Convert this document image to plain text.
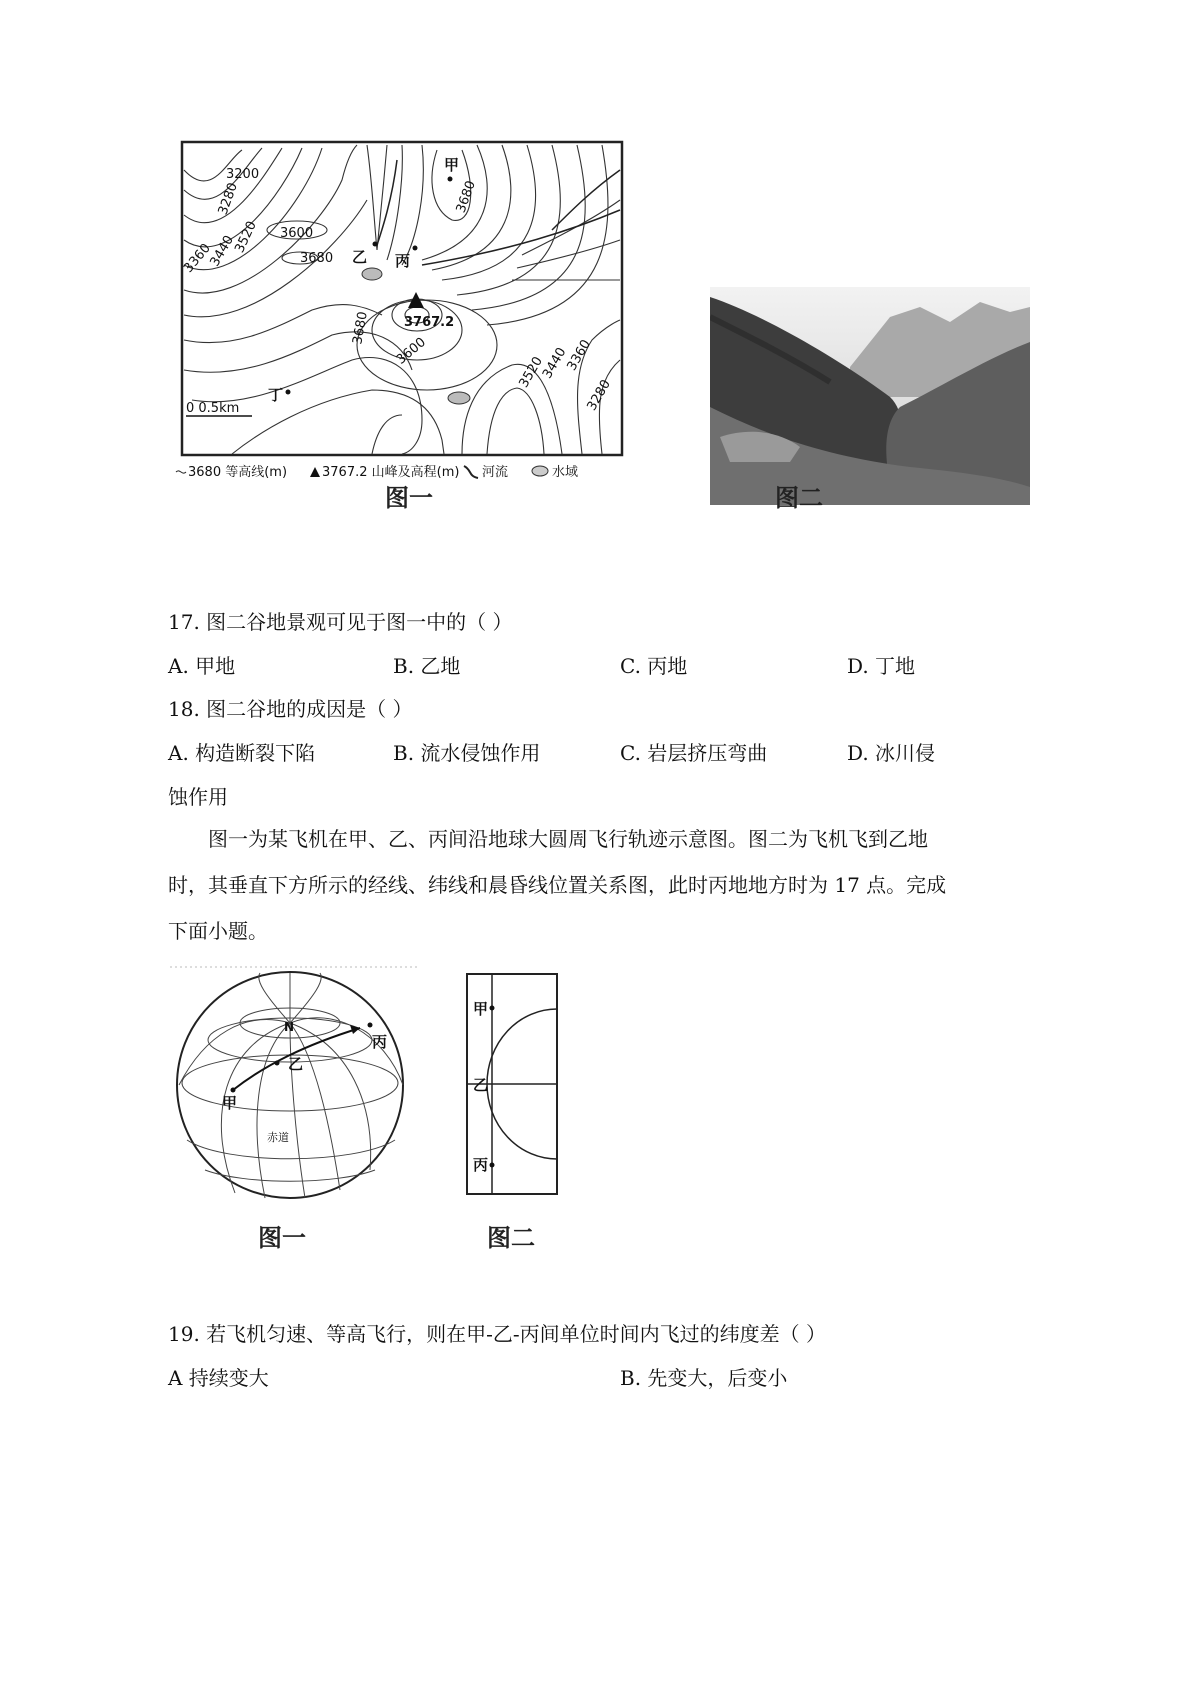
3200
3280
3360
3440
3520 3600
3680
3680
3680
3600
3520
3440
3360
3280
3767.2
甲
乙 丙
丁
0 0.5km
3680 等高线(m)	3767.2 山峰及高程(m) 河流	水域
图一	图二
17. 图二谷地景观可见于图一中的（ ）
A. 甲地	B. 乙地	C. 丙地	D. 丁地
18. 图二谷地的成因是（ ）
A. 构造断裂下陷	B. 流水侵蚀作用	C. 岩层挤压弯曲	D. 冰川侵
蚀作用
图一为某飞机在甲、乙、丙间沿地球大圆周飞行轨迹示意图。图二为飞机飞到乙地时，其垂直下方所示的经线、纬线和晨昏线位置关系图，此时丙地地方时为 17 点。完成下面小题。
N
甲
乙
丙
赤道
甲
乙
丙
图一	图二
19. 若飞机匀速、等高飞行，则在甲-乙-丙间单位时间内飞过的纬度差（ ）
A 持续变大	B. 先变大，后变小
